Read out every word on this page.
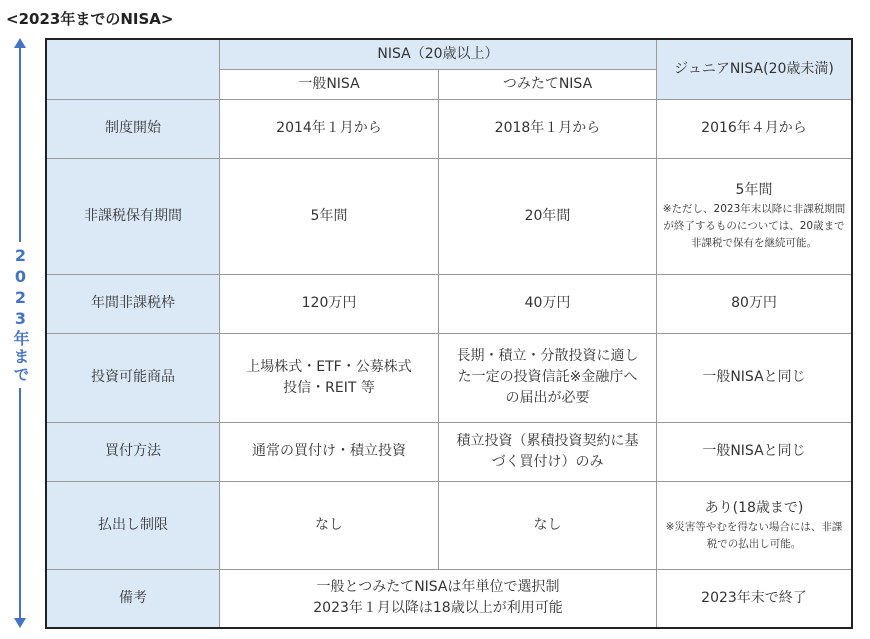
<2023年までのNISA>
2023年まで
	NISA（20歳以上）		ジュニアNISA(20歳未満)
	一般NISA	つみたてNISA	
制度開始	2014年１月から	2018年１月から	2016年４月から
非課税保有期間	5年間	20年間	5年間
※ただし、2023年末以降に非課税期間が終了するものについては、20歳まで非課税で保有を継続可能。

年間非課税枠	120万円	40万円	80万円
投資可能商品	上場株式・ETF・公募株式投信・REIT 等	長期・積立・分散投資に適した一定の投資信託※金融庁への届出が必要	一般NISAと同じ
買付方法	通常の買付け・積立投資	積立投資（累積投資契約に基づく買付け）のみ	一般NISAと同じ
払出し制限	なし	なし	あり(18歳まで)
※災害等やむを得ない場合には、非課税での払出し可能。

備考	一般とつみたてNISAは年単位で選択制 2023年１月以降は18歳以上が利用可能		2023年末で終了
